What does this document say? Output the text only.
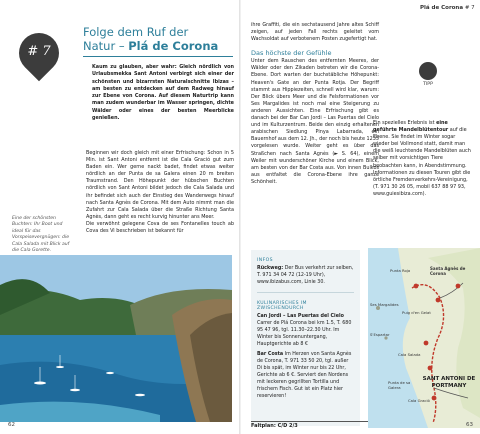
# 7
Folge dem Ruf der
Natur – Plá de Corona
Kaum zu glauben, aber wahr: Gleich nördlich von Urlaubsmekka Sant Antoni verbirgt sich einer der schönsten und bizarrsten Naturalschnitte Ibizas – am besten zu entdecken auf dem Radweg hinauf zur Ebene von Corona. Auf diesem Naturtrip kann man zudem wunderbar im Wasser springen, dichte Wälder oder eines der besten Meerblicke genießen.

Beginnen wir doch gleich mit einer Erfrischung: Schon in 5 Min. ist Sant Antoni entfernt ist die Cala Gració gut zum Baden ein. Wer gerne nackt badet, findet etwas weiter nördlich an der Punta de sa Galera einen 20 m breiten Traumstrand. Den Höhepunkt der hübschen Buchten nördlich von Sant Antoni bildet jedoch die Cala Salada und ihr befindet sich auch der Einstieg des Wanderwegs hinauf nach Santa Agnès de Corona. Mit dem Auto nimmt man die Zufahrt zur Cala Salada über die Straße Richtung Santa Agnès, dann geht es recht kurvig hinunter ans Meer.

Die verwöhnt gelegene Cova de ses Fontanelles touch ab Cova des Vi beschrieben ist bekannt für

Eine der schönsten Buchten: Ihr Boot und ideal für das Vorspeisevergnügen: die Cala Salada mit Blick auf die Cala Gorette.
62
Plá de Corona # 7

ihre Graffiti, die ein sechstausend Jahre altes Schiff zeigen, auf jeden Fall rechts geleitet vom Wachsoldat auf verbotenem Posten zugefertigt hat.

Das höchste der Gefühle

Unter dem Rauschen des entfernten Meeres, der Wälder oder den Zikaden betreten wir die Corona-Ebene. Dort warten der buchstäbliche Höhepunkt: Heaven's Gate an der Punta Rotja. Der Begriff stammt aus Hippiezeiten, schnell wird klar, warum: Der Blick übers Meer und die Felsformationen vor Ses Margalides ist noch mal eine Steigerung zu anderen Aussichten. Eine Erfrischung gibt es danach bei der Bar Can Jordi – Las Puertas del Cielo und im Kulturzentrum. Beide den einzig erhaltenen arabischen Siedlung Pinya Labarrada, ein Bauernhof aus dem 12. Jh., der noch bis heute 1235 vorgelesen wurde. Weiter geht es über das Straßchen nach Santa Agnès (► S. 64), einem Weiler mit wunderschöner Kirche und einem Blick, am besten von der Bar Costa aus. Von innen Bulkos aus entfaltet die Corona-Ebene ihre ganze Schönheit.

TIPP
Ein spezielles Erlebnis ist eine geführte Mandelblütentour auf die Ebene. Sie findet im Winter sogar wieder bei Vollmond statt, damit man die weiß leuchtende Mandelblüten auch selber mit vorsichtigen Tiere beobachten kann, in Abendstimmung. Informationen zu diesen Touren gibt die örtliche Fremdenverkehrs-Vereinigung, (T. 971 30 26 05, mobil 637 88 97 93, www.guiesibiza.com).
INFOS
Rückweg: Der Bus verkehrt zur selben, T. 971 34 04 72 (12-19 Uhr), www.ibizabus.com, Linie 30.
KULINARISCHES IM ZWISCHENDURCH
Can Jordi – Las Puertas del Cielo Carrer de Plá Corona bei km 1.5, T. 680 95 47 96, tgl. 11.30–22.30 Uhr. Im Winter bis Sonnenuntergang, Hauptgerichte ab 8 €
Bar Costa Im Herzen von Santa Agnès de Corona, T. 971 33 50 20, tgl. außer Di bis spät, im Winter nur bis 22 Uhr, Gerichte ab 6 €. Serviert den Nordens mit leckeren gegrillten Tortilla und frischem Fisch. Gut ist ein Platz hier reservieren!
Faltplan: C/D 2/3
Santa Agnès de Corona
Punta Roja
Ses Margalides
Puig d'en Gelat
S'Espartar
Cala Salada
Punta de sa Galera
Cala Gració
SANT ANTONI DE PORTMANY
63
